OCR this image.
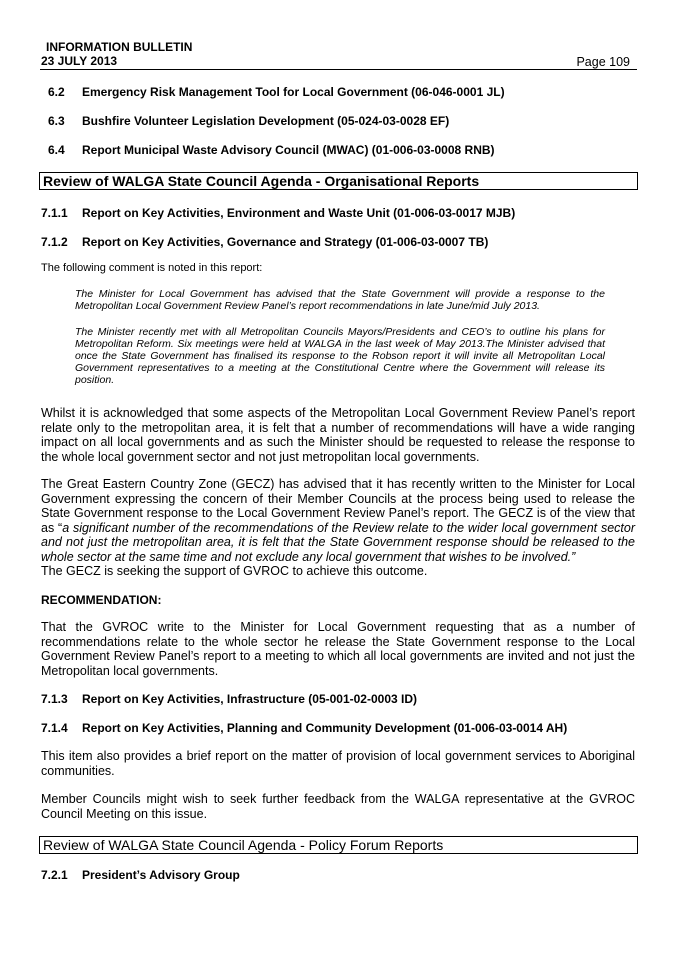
INFORMATION BULLETIN
23 JULY 2013	Page 109
6.2 Emergency Risk Management Tool for Local Government (06-046-0001 JL)
6.3 Bushfire Volunteer Legislation Development (05-024-03-0028 EF)
6.4 Report Municipal Waste Advisory Council (MWAC) (01-006-03-0008 RNB)
Review of WALGA State Council Agenda - Organisational Reports
7.1.1 Report on Key Activities, Environment and Waste Unit (01-006-03-0017 MJB)
7.1.2 Report on Key Activities, Governance and Strategy (01-006-03-0007 TB)
The following comment is noted in this report:
The Minister for Local Government has advised that the State Government will provide a response to the Metropolitan Local Government Review Panel’s report recommendations in late June/mid July 2013.
The Minister recently met with all Metropolitan Councils Mayors/Presidents and CEO’s to outline his plans for Metropolitan Reform. Six meetings were held at WALGA in the last week of May 2013.The Minister advised that once the State Government has finalised its response to the Robson report it will invite all Metropolitan Local Government representatives to a meeting at the Constitutional Centre where the Government will release its position.
Whilst it is acknowledged that some aspects of the Metropolitan Local Government Review Panel’s report relate only to the metropolitan area, it is felt that a number of recommendations will have a wide ranging impact on all local governments and as such the Minister should be requested to release the response to the whole local government sector and not just metropolitan local governments.
The Great Eastern Country Zone (GECZ) has advised that it has recently written to the Minister for Local Government expressing the concern of their Member Councils at the process being used to release the State Government response to the Local Government Review Panel’s report. The GECZ is of the view that as “a significant number of the recommendations of the Review relate to the wider local government sector and not just the metropolitan area, it is felt that the State Government response should be released to the whole sector at the same time and not exclude any local government that wishes to be involved.”
The GECZ is seeking the support of GVROC to achieve this outcome.
RECOMMENDATION:
That the GVROC write to the Minister for Local Government requesting that as a number of recommendations relate to the whole sector he release the State Government response to the Local Government Review Panel’s report to a meeting to which all local governments are invited and not just the Metropolitan local governments.
7.1.3 Report on Key Activities, Infrastructure (05-001-02-0003 ID)
7.1.4 Report on Key Activities, Planning and Community Development (01-006-03-0014 AH)
This item also provides a brief report on the matter of provision of local government services to Aboriginal communities.
Member Councils might wish to seek further feedback from the WALGA representative at the GVROC Council Meeting on this issue.
Review of WALGA State Council Agenda - Policy Forum Reports
7.2.1 President’s Advisory Group
